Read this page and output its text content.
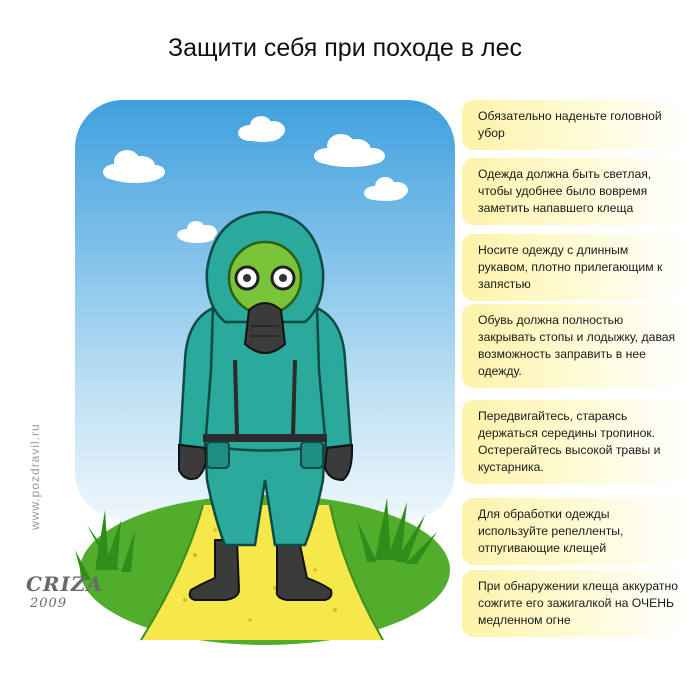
Защити себя при походе в лес
www.pozdravil.ru
Обязательно наденьте головной убор
Одежда должна быть светлая, чтобы удобнее было вовремя заметить напавшего клеща
Носите одежду с длинным рукавом, плотно прилегающим к запястью
Обувь должна полностью закрывать стопы и лодыжку, давая возможность заправить в нее одежду.
Передвигайтесь, стараясь держаться середины тропинок. Остерегайтесь высокой травы и кустарника.
Для обработки одежды используйте репелленты, отпугивающие клещей
При обнаружении клеща аккуратно сожгите его зажигалкой на ОЧЕНЬ медленном огне
CRIZA
2009
